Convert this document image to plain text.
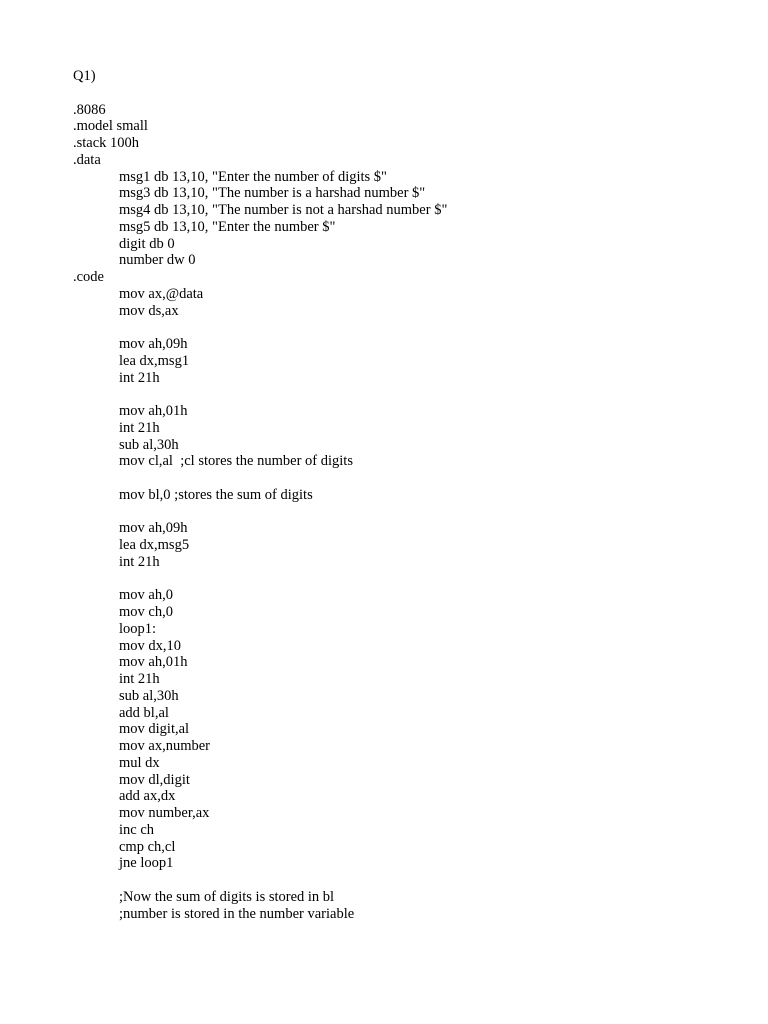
Q1)
.8086
.model small
.stack 100h
.data
msg1 db 13,10, "Enter the number of digits $"
msg3 db 13,10, "The number is a harshad number $"
msg4 db 13,10, "The number is not a harshad number $"
msg5 db 13,10, "Enter the number $"
digit db 0
number dw 0
.code
mov ax,@data
mov ds,ax
mov ah,09h
lea dx,msg1
int 21h
mov ah,01h
int 21h
sub al,30h
mov cl,al  ;cl stores the number of digits
mov bl,0 ;stores the sum of digits
mov ah,09h
lea dx,msg5
int 21h
mov ah,0
mov ch,0
loop1:
mov dx,10
mov ah,01h
int 21h
sub al,30h
add bl,al
mov digit,al
mov ax,number
mul dx
mov dl,digit
add ax,dx
mov number,ax
inc ch
cmp ch,cl
jne loop1
;Now the sum of digits is stored in bl
;number is stored in the number variable
